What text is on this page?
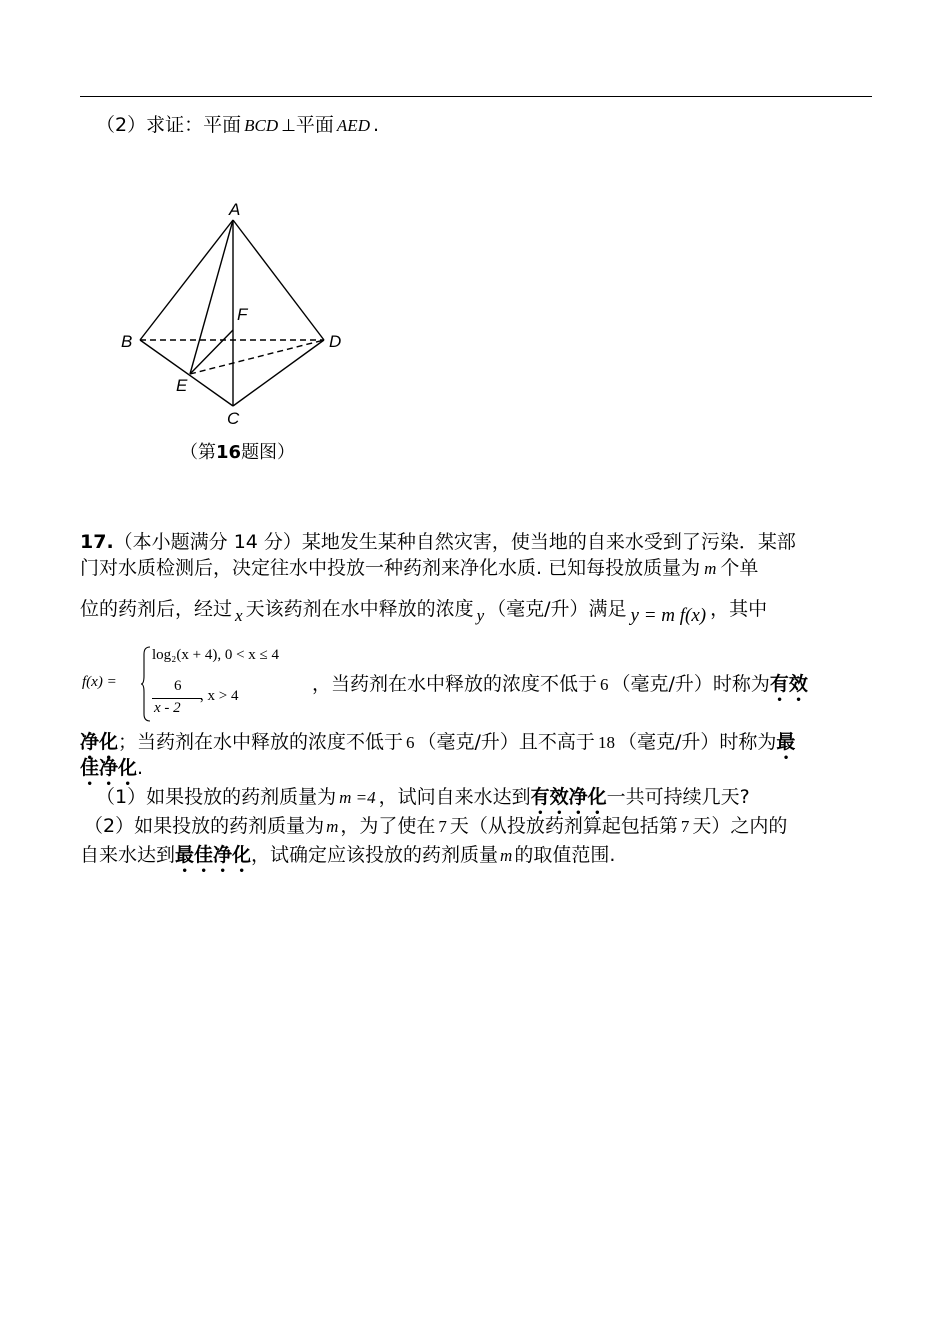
（2）求证：平面 BCD ⊥平面 AED .
A
B
C
D
E
F
（第16题图）
17.（本小题满分 14 分）某地发生某种自然灾害，使当地的自来水受到了污染．某部
门对水质检测后，决定往水中投放一种药剂来净化水质. 已知每投放质量为 m 个单
位的药剂后，经过 x 天该药剂在水中释放的浓度 y （毫克/升）满足 y = m f(x) ，其中
f(x) =
log₂(x + 4), 0 < x ≤ 4
6
x - 2
, x > 4
，当药剂在水中释放的浓度不低于 6 （毫克/升）时称为有效
净化；当药剂在水中释放的浓度不低于 6 （毫克/升）且不高于 18 （毫克/升）时称为最
佳净化.
（1）如果投放的药剂质量为 m =4 ，试问自来水达到有效净化一共可持续几天?
（2）如果投放的药剂质量为 m ，为了使在 7 天（从投放药剂算起包括第 7 天）之内的
自来水达到最佳净化，试确定应该投放的药剂质量 m 的取值范围.
